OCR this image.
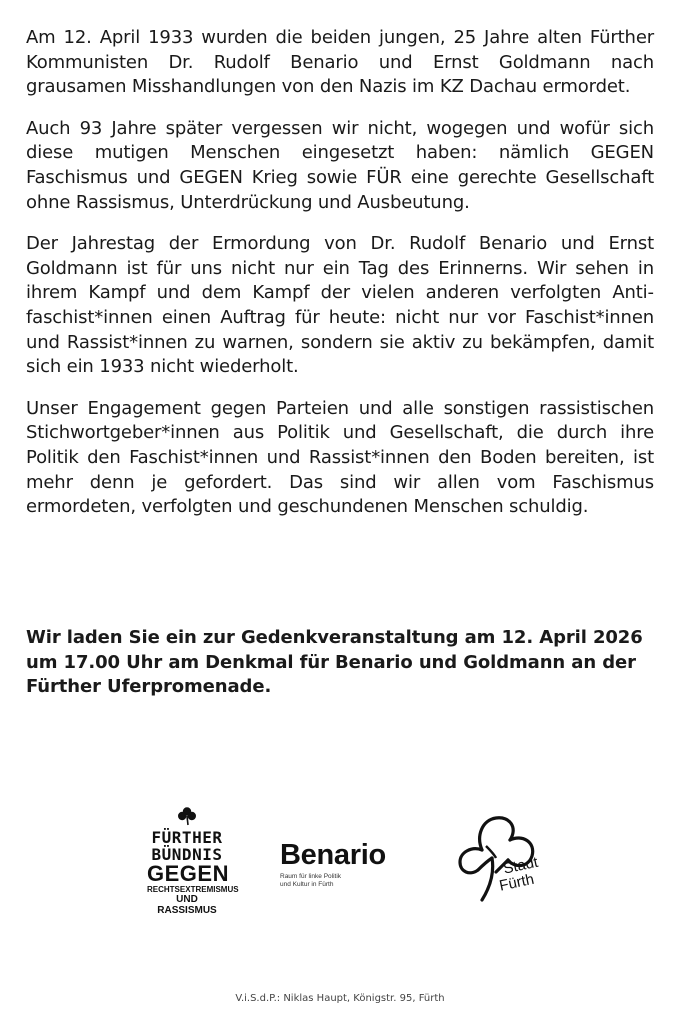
Am 12. April 1933 wurden die beiden jungen, 25 Jahre alten Fürther Kommunisten Dr. Rudolf Benario und Ernst Goldmann nach grausamen Misshandlungen von den Nazis im KZ Dachau ermordet.

Auch 93 Jahre später vergessen wir nicht, wogegen und wofür sich diese mutigen Menschen eingesetzt haben: nämlich GEGEN Faschismus und GEGEN Krieg sowie FÜR eine gerechte Gesellschaft ohne Rassismus, Unterdrückung und Ausbeutung.

Der Jahrestag der Ermordung von Dr. Rudolf Benario und Ernst Goldmann ist für uns nicht nur ein Tag des Erinnerns. Wir sehen in ihrem Kampf und dem Kampf der vielen anderen verfolgten Antifaschist*innen einen Auftrag für heute: nicht nur vor Faschist*innen und Rassist*innen zu warnen, sondern sie aktiv zu bekämpfen, damit sich ein 1933 nicht wiederholt.

Unser Engagement gegen Parteien und alle sonstigen rassistischen Stichwortgeber*innen aus Politik und Gesellschaft, die durch ihre Politik den Faschist*innen und Rassist*innen den Boden bereiten, ist mehr denn je gefordert. Das sind wir allen vom Faschismus ermordeten, verfolgten und geschundenen Menschen schuldig.

Wir laden Sie ein zur Gedenkveranstaltung am 12. April 2026 um 17.00 Uhr am Denkmal für Benario und Goldmann an der Fürther Uferpromenade.

FÜRTHER
BÜNDNIS
GEGEN
RECHTSEXTREMISMUS
UND RASSISMUS
Benario
Raum für linke Politik
und Kultur in Fürth
Stadt
Fürth
V.i.S.d.P.: Niklas Haupt, Königstr. 95, Fürth
